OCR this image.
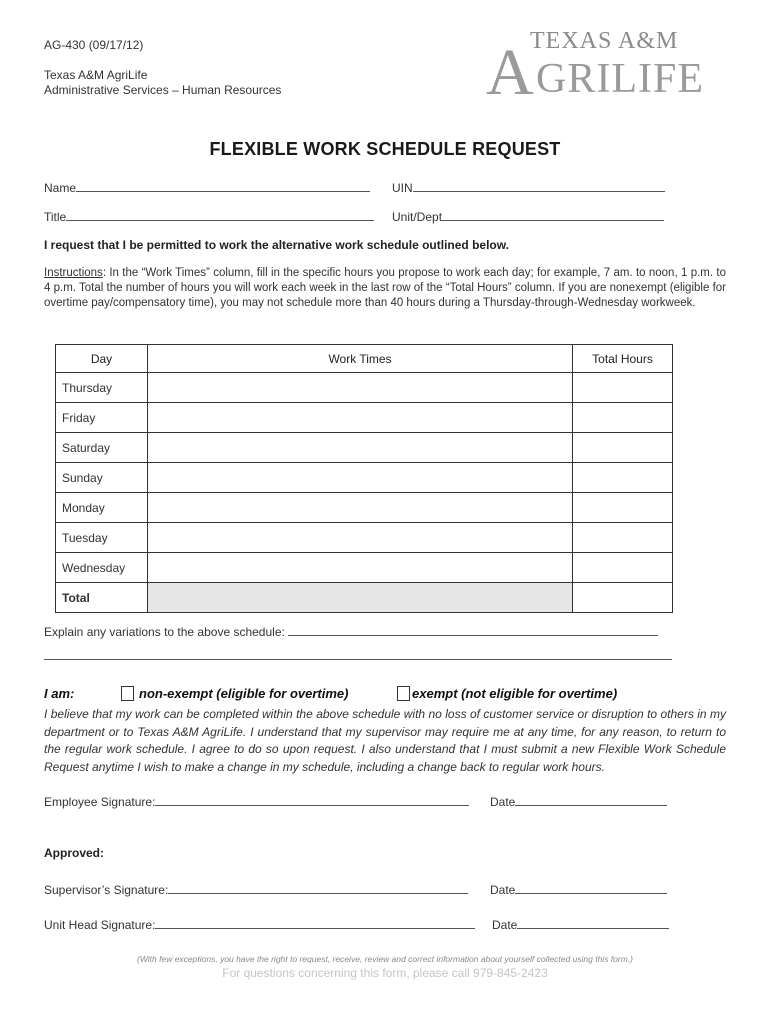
AG-430 (09/17/12)
Texas A&M AgriLife
Administrative Services – Human Resources
TEXAS A&M
A GRILIFE
FLEXIBLE WORK SCHEDULE REQUEST
Name	UIN
Title	Unit/Dept
I request that I be permitted to work the alternative work schedule outlined below.
Instructions: In the “Work Times” column, fill in the specific hours you propose to work each day; for example, 7 am. to noon, 1 p.m. to 4 p.m. Total the number of hours you will work each week in the last row of the “Total Hours” column. If you are nonexempt (eligible for overtime pay/compensatory time), you may not schedule more than 40 hours during a Thursday-through-Wednesday workweek.
Day	Work Times	Total Hours
Thursday		
Friday		
Saturday		
Sunday		
Monday		
Tuesday		
Wednesday		
Total		
Explain any variations to the above schedule:
I am:	non-exempt (eligible for overtime)	exempt (not eligible for overtime)
I believe that my work can be completed within the above schedule with no loss of customer service or disruption to others in my department or to Texas A&M AgriLife. I understand that my supervisor may require me at any time, for any reason, to return to the regular work schedule. I agree to do so upon request. I also understand that I must submit a new Flexible Work Schedule Request anytime I wish to make a change in my schedule, including a change back to regular work hours.
Employee Signature:	Date
Approved:
Supervisor’s Signature:	Date
Unit Head Signature:	Date
(With few exceptions, you have the right to request, receive, review and correct information about yourself collected using this form.)
For questions concerning this form, please call 979-845-2423
